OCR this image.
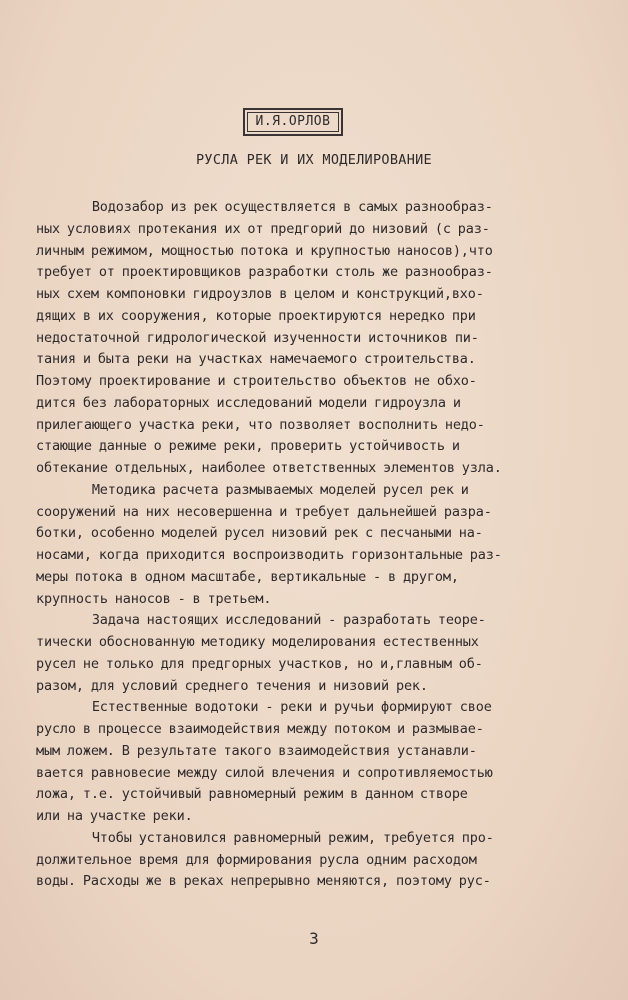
И.Я.ОРЛОВ
РУСЛА РЕК И ИХ МОДЕЛИРОВАНИЕ
Водозабор из рек осуществляется в самых разнообраз-
ных условиях протекания их от предгорий до низовий (с раз-
личным режимом, мощностью потока и крупностью наносов),что
требует от проектировщиков разработки столь же разнообраз-
ных схем компоновки гидроузлов в целом и конструкций,вхо-
дящих в их сооружения, которые проектируются нередко при
недостаточной гидрологической изученности источников пи-
тания и быта реки на участках намечаемого строительства.
Поэтому проектирование и строительство объектов не обхо-
дится без лабораторных исследований модели гидроузла и
прилегающего участка реки, что позволяет восполнить недо-
стающие данные о режиме реки, проверить устойчивость и
обтекание отдельных, наиболее ответственных элементов узла.
Методика расчета размываемых моделей русел рек и
сооружений на них несовершенна и требует дальнейшей разра-
ботки, особенно моделей русел низовий рек с песчаными на-
носами, когда приходится воспроизводить горизонтальные раз-
меры потока в одном масштабе, вертикальные - в другом,
крупность наносов - в третьем.
Задача настоящих исследований - разработать теоре-
тически обоснованную методику моделирования естественных
русел не только для предгорных участков, но и,главным об-
разом, для условий среднего течения и низовий рек.
Естественные водотоки - реки и ручьи формируют свое
русло в процессе взаимодействия между потоком и размывае-
мым ложем. В результате такого взаимодействия устанавли-
вается равновесие между силой влечения и сопротивляемостью
ложа, т.е. устойчивый равномерный режим в данном створе
или на участке реки.
Чтобы установился равномерный режим, требуется про-
должительное время для формирования русла одним расходом
воды. Расходы же в реках непрерывно меняются, поэтому рус-
3
